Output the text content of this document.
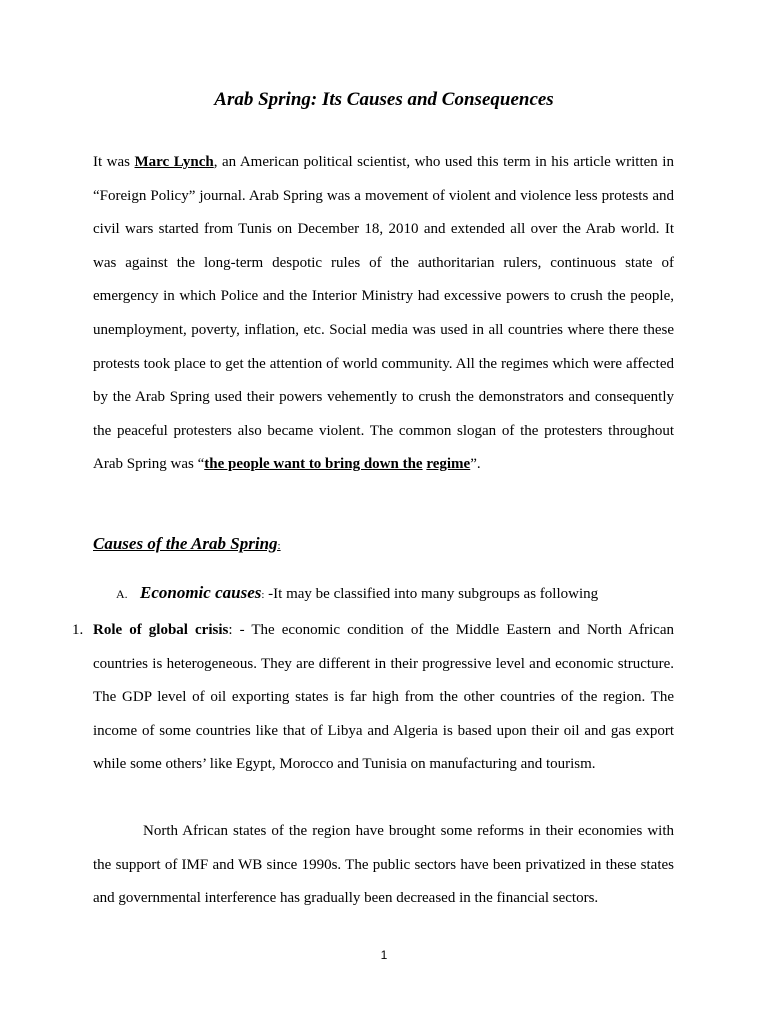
Arab Spring: Its Causes and Consequences
It was Marc Lynch, an American political scientist, who used this term in his article written in “Foreign Policy” journal. Arab Spring was a movement of violent and violence less protests and civil wars started from Tunis on December 18, 2010 and extended all over the Arab world. It was against the long-term despotic rules of the authoritarian rulers, continuous state of emergency in which Police and the Interior Ministry had excessive powers to crush the people, unemployment, poverty, inflation, etc. Social media was used in all countries where there these protests took place to get the attention of world community. All the regimes which were affected by the Arab Spring used their powers vehemently to crush the demonstrators and consequently the peaceful protesters also became violent. The common slogan of the protesters throughout Arab Spring was “the people want to bring down the regime”.
Causes of the Arab Spring:
A. Economic causes: -It may be classified into many subgroups as following
1. Role of global crisis: - The economic condition of the Middle Eastern and North African countries is heterogeneous. They are different in their progressive level and economic structure. The GDP level of oil exporting states is far high from the other countries of the region. The income of some countries like that of Libya and Algeria is based upon their oil and gas export while some others’ like Egypt, Morocco and Tunisia on manufacturing and tourism.
North African states of the region have brought some reforms in their economies with the support of IMF and WB since 1990s. The public sectors have been privatized in these states and governmental interference has gradually been decreased in the financial sectors.
1
